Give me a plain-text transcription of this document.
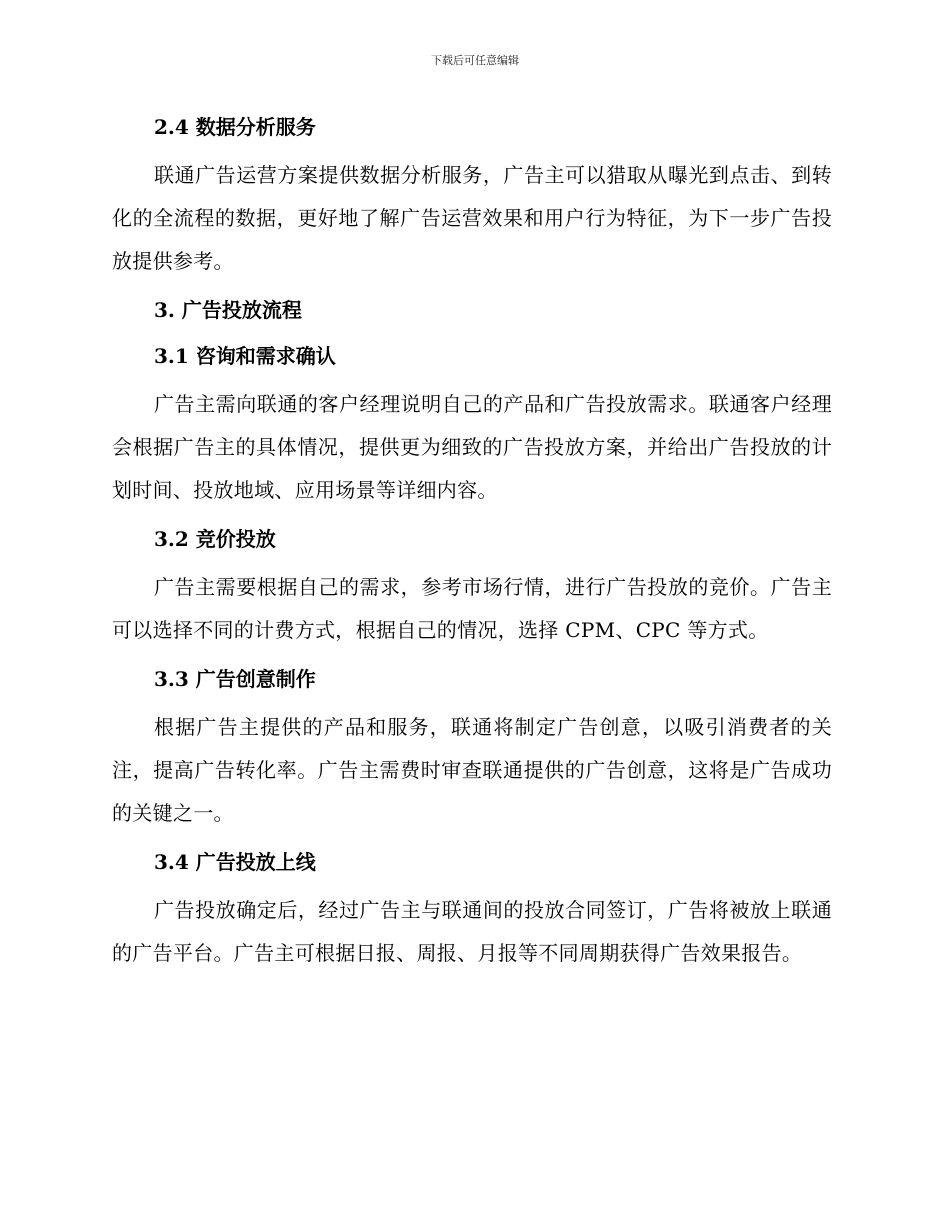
下载后可任意编辑
2.4 数据分析服务
联通广告运营方案提供数据分析服务，广告主可以猎取从曝光到点击、到转化的全流程的数据，更好地了解广告运营效果和用户行为特征，为下一步广告投放提供参考。
3. 广告投放流程
3.1 咨询和需求确认
广告主需向联通的客户经理说明自己的产品和广告投放需求。联通客户经理会根据广告主的具体情况，提供更为细致的广告投放方案，并给出广告投放的计划时间、投放地域、应用场景等详细内容。
3.2 竞价投放
广告主需要根据自己的需求，参考市场行情，进行广告投放的竞价。广告主可以选择不同的计费方式，根据自己的情况，选择 CPM、CPC 等方式。
3.3 广告创意制作
根据广告主提供的产品和服务，联通将制定广告创意，以吸引消费者的关注，提高广告转化率。广告主需费时审查联通提供的广告创意，这将是广告成功的关键之一。
3.4 广告投放上线
广告投放确定后，经过广告主与联通间的投放合同签订，广告将被放上联通的广告平台。广告主可根据日报、周报、月报等不同周期获得广告效果报告。
